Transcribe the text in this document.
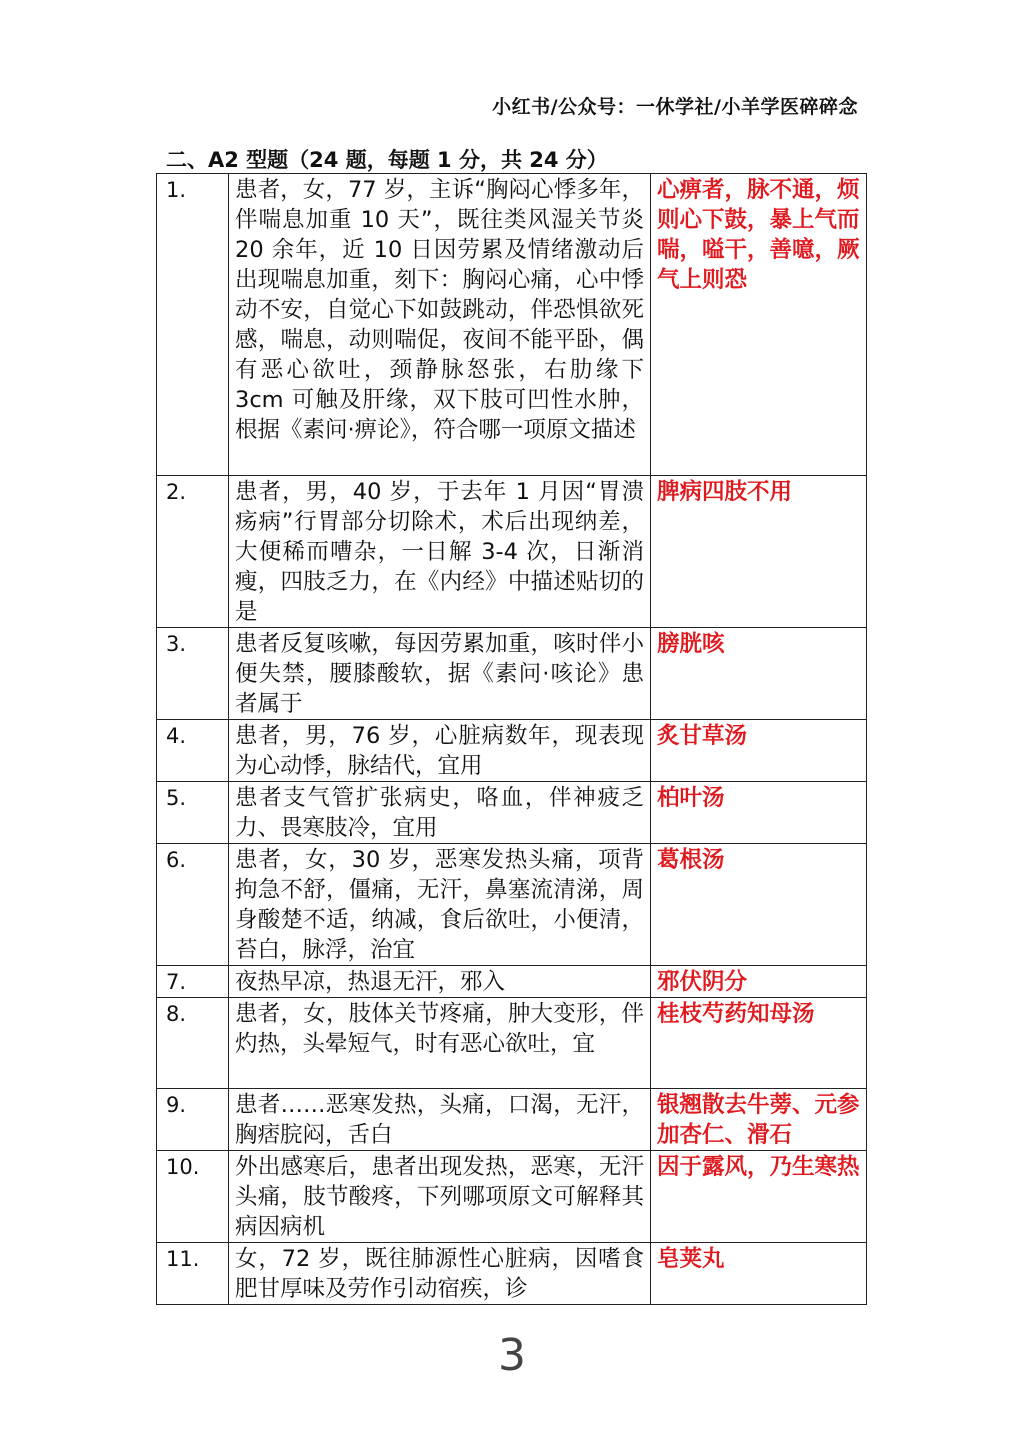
小红书/公众号：一休学社/小羊学医碎碎念
二、A2 型题（24 题，每题 1 分，共 24 分）
1.	患者，女，77 岁，主诉“胸闷心悸多年，伴喘息加重 10 天”，既往类风湿关节炎 20 余年，近 10 日因劳累及情绪激动后出现喘息加重，刻下：胸闷心痛，心中悸动不安，自觉心下如鼓跳动，伴恐惧欲死感，喘息，动则喘促，夜间不能平卧，偶有恶心欲吐，颈静脉怒张，右肋缘下 3cm 可触及肝缘，双下肢可凹性水肿，根据《素问·痹论》，符合哪一项原文描述	心痹者，脉不通，烦则心下鼓，暴上气而喘，嗌干，善噫，厥气上则恐
2.	患者，男，40 岁，于去年 1 月因“胃溃疡病”行胃部分切除术，术后出现纳差，大便稀而嘈杂，一日解 3-4 次，日渐消瘦，四肢乏力，在《内经》中描述贴切的是	脾病四肢不用
3.	患者反复咳嗽，每因劳累加重，咳时伴小便失禁，腰膝酸软，据《素问·咳论》患者属于	膀胱咳
4.	患者，男，76 岁，心脏病数年，现表现为心动悸，脉结代，宜用	炙甘草汤
5.	患者支气管扩张病史，咯血，伴神疲乏力、畏寒肢冷，宜用	柏叶汤
6.	患者，女，30 岁，恶寒发热头痛，项背拘急不舒，僵痛，无汗，鼻塞流清涕，周身酸楚不适，纳减，食后欲吐，小便清，苔白，脉浮，治宜	葛根汤
7.	夜热早凉，热退无汗，邪入	邪伏阴分
8.	患者，女，肢体关节疼痛，肿大变形，伴灼热，头晕短气，时有恶心欲吐，宜	桂枝芍药知母汤
9.	患者……恶寒发热，头痛，口渴，无汗，胸痞脘闷，舌白	银翘散去牛蒡、元参加杏仁、滑石
10.	外出感寒后，患者出现发热，恶寒，无汗头痛，肢节酸疼，下列哪项原文可解释其病因病机	因于露风，乃生寒热
11.	女，72 岁，既往肺源性心脏病，因嗜食肥甘厚味及劳作引动宿疾，诊	皂荚丸
3
